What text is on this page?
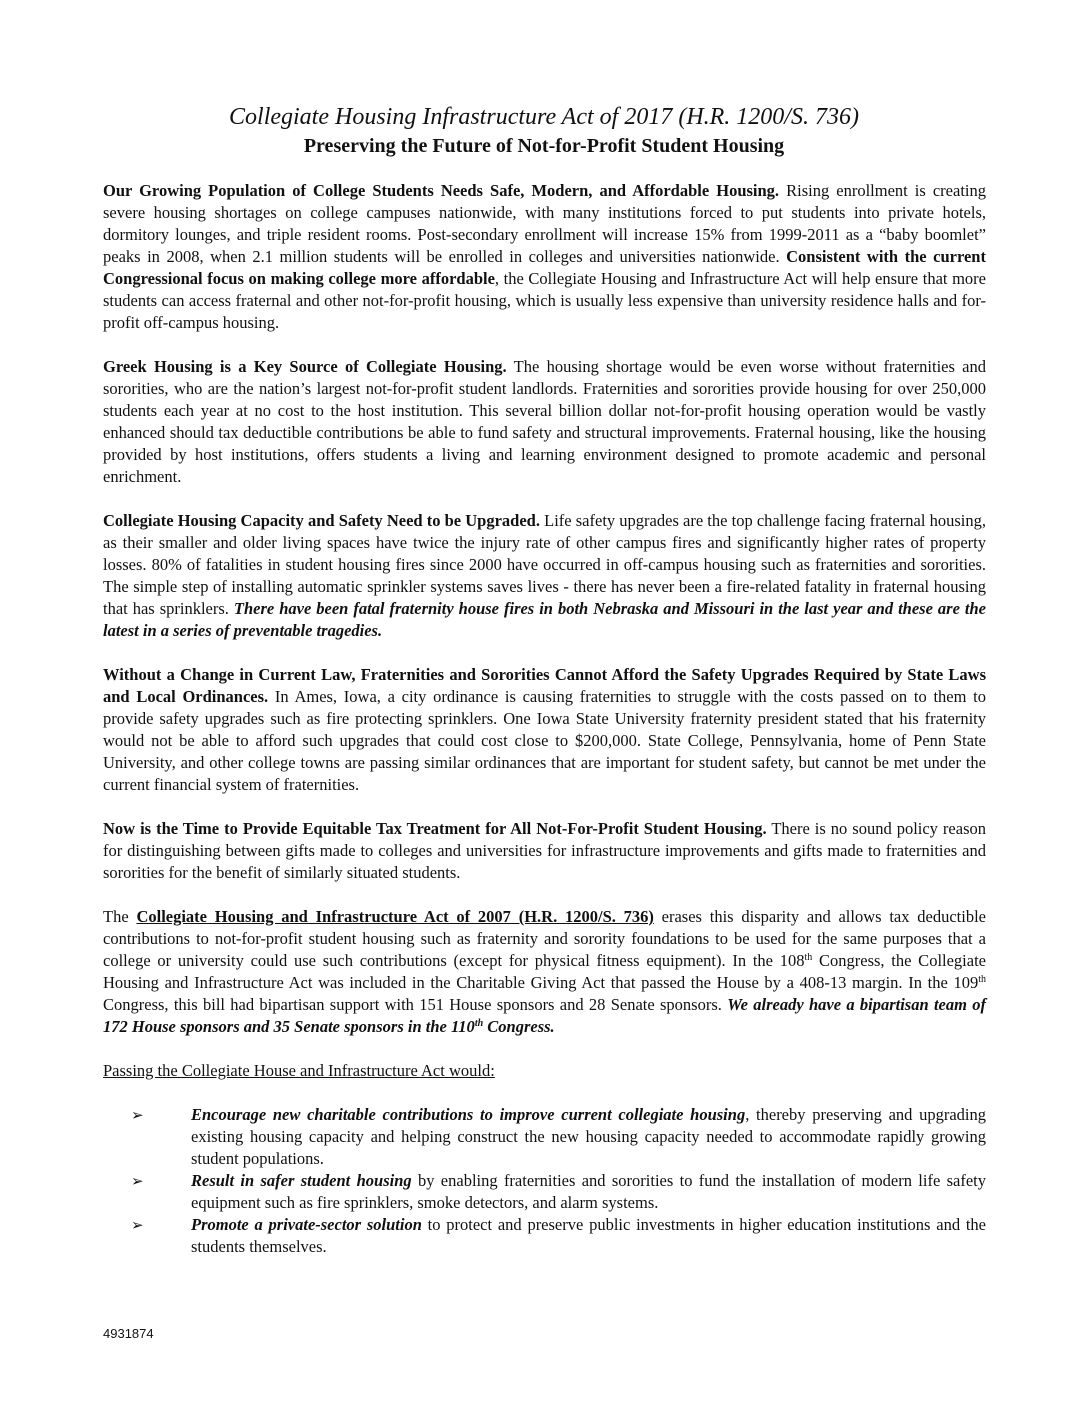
Collegiate Housing Infrastructure Act of 2017 (H.R. 1200/S. 736)
Preserving the Future of Not-for-Profit Student Housing

Our Growing Population of College Students Needs Safe, Modern, and Affordable Housing. Rising enrollment is creating severe housing shortages on college campuses nationwide, with many institutions forced to put students into private hotels, dormitory lounges, and triple resident rooms. Post-secondary enrollment will increase 15% from 1999-2011 as a “baby boomlet” peaks in 2008, when 2.1 million students will be enrolled in colleges and universities nationwide. Consistent with the current Congressional focus on making college more affordable, the Collegiate Housing and Infrastructure Act will help ensure that more students can access fraternal and other not-for-profit housing, which is usually less expensive than university residence halls and for-profit off-campus housing.

Greek Housing is a Key Source of Collegiate Housing. The housing shortage would be even worse without fraternities and sororities, who are the nation’s largest not-for-profit student landlords. Fraternities and sororities provide housing for over 250,000 students each year at no cost to the host institution. This several billion dollar not-for-profit housing operation would be vastly enhanced should tax deductible contributions be able to fund safety and structural improvements. Fraternal housing, like the housing provided by host institutions, offers students a living and learning environment designed to promote academic and personal enrichment.

Collegiate Housing Capacity and Safety Need to be Upgraded. Life safety upgrades are the top challenge facing fraternal housing, as their smaller and older living spaces have twice the injury rate of other campus fires and significantly higher rates of property losses. 80% of fatalities in student housing fires since 2000 have occurred in off-campus housing such as fraternities and sororities. The simple step of installing automatic sprinkler systems saves lives - there has never been a fire-related fatality in fraternal housing that has sprinklers. There have been fatal fraternity house fires in both Nebraska and Missouri in the last year and these are the latest in a series of preventable tragedies.

Without a Change in Current Law, Fraternities and Sororities Cannot Afford the Safety Upgrades Required by State Laws and Local Ordinances. In Ames, Iowa, a city ordinance is causing fraternities to struggle with the costs passed on to them to provide safety upgrades such as fire protecting sprinklers. One Iowa State University fraternity president stated that his fraternity would not be able to afford such upgrades that could cost close to $200,000. State College, Pennsylvania, home of Penn State University, and other college towns are passing similar ordinances that are important for student safety, but cannot be met under the current financial system of fraternities.

Now is the Time to Provide Equitable Tax Treatment for All Not-For-Profit Student Housing. There is no sound policy reason for distinguishing between gifts made to colleges and universities for infrastructure improvements and gifts made to fraternities and sororities for the benefit of similarly situated students.

The Collegiate Housing and Infrastructure Act of 2007 (H.R. 1200/S. 736) erases this disparity and allows tax deductible contributions to not-for-profit student housing such as fraternity and sorority foundations to be used for the same purposes that a college or university could use such contributions (except for physical fitness equipment). In the 108th Congress, the Collegiate Housing and Infrastructure Act was included in the Charitable Giving Act that passed the House by a 408-13 margin. In the 109th Congress, this bill had bipartisan support with 151 House sponsors and 28 Senate sponsors. We already have a bipartisan team of 172 House sponsors and 35 Senate sponsors in the 110th Congress.

Passing the Collegiate House and Infrastructure Act would:

➢	Encourage new charitable contributions to improve current collegiate housing, thereby preserving and upgrading existing housing capacity and helping construct the new housing capacity needed to accommodate rapidly growing student populations.
➢	Result in safer student housing by enabling fraternities and sororities to fund the installation of modern life safety equipment such as fire sprinklers, smoke detectors, and alarm systems.
➢	Promote a private-sector solution to protect and preserve public investments in higher education institutions and the students themselves.
4931874
